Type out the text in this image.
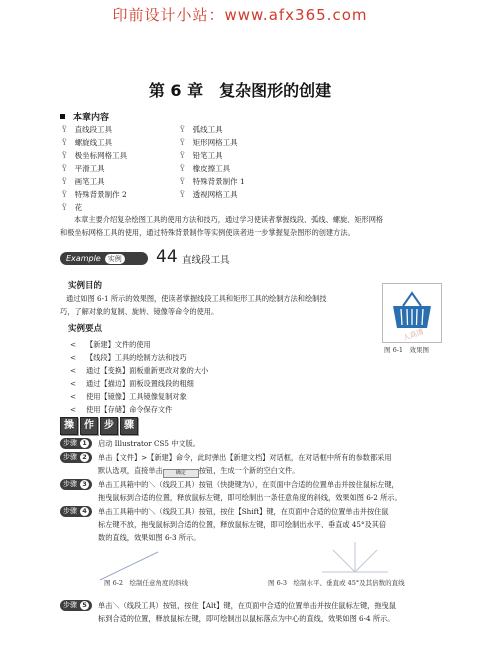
印前设计小站：www.afx365.com
第 6 章　复杂图形的创建
本章内容
Ÿ 直线段工具	Ÿ 弧线工具
Ÿ 螺旋线工具	Ÿ 矩形网格工具
Ÿ 极坐标网格工具	Ÿ 铅笔工具
Ÿ 平滑工具	Ÿ 橡皮擦工具
Ÿ 画笔工具	Ÿ 特殊背景制作 1
Ÿ 特殊背景制作 2	Ÿ 透视网格工具
Ÿ 花
本章主要介绍复杂绘图工具的使用方法和技巧，通过学习使读者掌握线段、弧线、螺旋、矩形网格
和极坐标网格工具的使用，通过特殊背景制作等实例使读者进一步掌握复杂图形的创建方法。
Example 实例	44 直线段工具
实例目的
通过如图 6-1 所示的效果图，使读者掌握线段工具和矩形工具的绘制方法和绘制技
巧，了解对象的复制、旋转、镜像等命令的使用。
实例要点
< 【新建】文件的使用
< 【线段】工具的绘制方法和技巧
< 通过【变换】面板重新更改对象的大小
< 通过【描边】面板设置线段的粗细
< 使用【镜像】工具镜像复制对象
< 使用【存储】命令保存文件
人高清
图 6-1　效果图
操 作 步 骤
步骤 1	启动 Illustrator CS5 中文版。
步骤 2	单击【文件】>【新建】命令，此时弹出【新建文档】对话框，在对话框中所有的参数都采用
默认选项，直接单击	确定 按钮，生成一个新的空白文件。
步骤 3	单击工具箱中的＼（线段工具）按钮（快捷键为\），在页面中合适的位置单击并按住鼠标左键，
拖曳鼠标到合适的位置，释放鼠标左键，即可绘制出一条任意角度的斜线，效果如图 6-2 所示。
步骤 4	单击工具箱中的＼（线段工具）按钮，按住【Shift】键，在页面中合适的位置单击并按住鼠
标左键不放，拖曳鼠标到合适的位置，释放鼠标左键，即可绘制出水平、垂直或 45°及其倍
数的直线，效果如图 6-3 所示。
图 6-2　绘制任意角度的斜线	图 6-3　绘制水平、垂直或 45°及其倍数的直线
步骤 5	单击＼（线段工具）按钮，按住【Alt】键，在页面中合适的位置单击并按住鼠标左键，拖曳鼠
标到合适的位置，释放鼠标左键，即可绘制出以鼠标落点为中心的直线，效果如图 6-4 所示。
